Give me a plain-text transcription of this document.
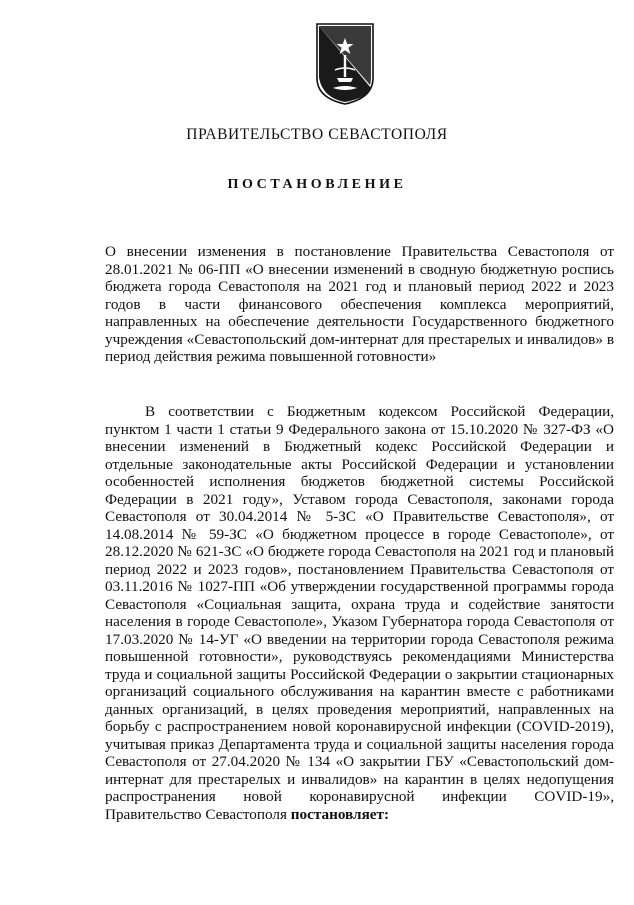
ПРАВИТЕЛЬСТВО СЕВАСТОПОЛЯ
ПОСТАНОВЛЕНИЕ
О внесении изменения в постановление Правительства Севастополя от 28.01.2021 № 06-ПП «О внесении изменений в сводную бюджетную роспись бюджета города Севастополя на 2021 год и плановый период 2022 и 2023 годов в части финансового обеспечения комплекса мероприятий, направленных на обеспечение деятельности Государственного бюджетного учреждения «Севастопольский дом-интернат для престарелых и инвалидов» в период действия режима повышенной готовности»
В соответствии с Бюджетным кодексом Российской Федерации, пунктом 1 части 1 статьи 9 Федерального закона от 15.10.2020 № 327-ФЗ «О внесении изменений в Бюджетный кодекс Российской Федерации и отдельные законодательные акты Российской Федерации и установлении особенностей исполнения бюджетов бюджетной системы Российской Федерации в 2021 году», Уставом города Севастополя, законами города Севастополя от 30.04.2014 № 5-ЗС «О Правительстве Севастополя», от 14.08.2014 № 59-ЗС «О бюджетном процессе в городе Севастополе», от 28.12.2020 № 621-ЗС «О бюджете города Севастополя на 2021 год и плановый период 2022 и 2023 годов», постановлением Правительства Севастополя от 03.11.2016 № 1027-ПП «Об утверждении государственной программы города Севастополя «Социальная защита, охрана труда и содействие занятости населения в городе Севастополе», Указом Губернатора города Севастополя от 17.03.2020 № 14-УГ «О введении на территории города Севастополя режима повышенной готовности», руководствуясь рекомендациями Министерства труда и социальной защиты Российской Федерации о закрытии стационарных организаций социального обслуживания на карантин вместе с работниками данных организаций, в целях проведения мероприятий, направленных на борьбу с распространением новой коронавирусной инфекции (COVID-2019), учитывая приказ Департамента труда и социальной защиты населения города Севастополя от 27.04.2020 № 134 «О закрытии ГБУ «Севастопольский дом-интернат для престарелых и инвалидов» на карантин в целях недопущения распространения новой коронавирусной инфекции COVID-19», Правительство Севастополя постановляет:
